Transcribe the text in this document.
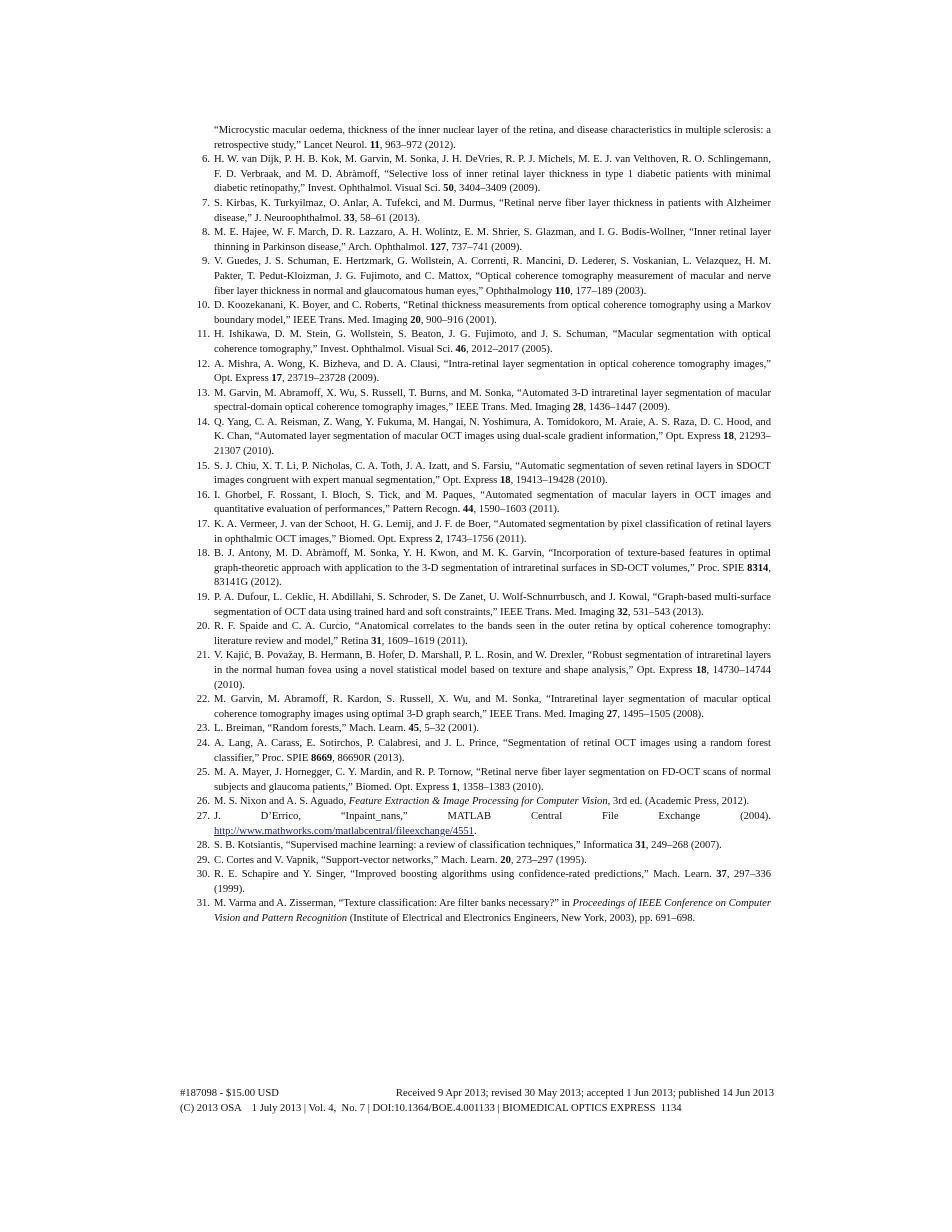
“Microcystic macular oedema, thickness of the inner nuclear layer of the retina, and disease characteristics in multiple sclerosis: a retrospective study,” Lancet Neurol. 11, 963–972 (2012).
6. H. W. van Dijk, P. H. B. Kok, M. Garvin, M. Sonka, J. H. DeVries, R. P. J. Michels, M. E. J. van Velthoven, R. O. Schlingemann, F. D. Verbraak, and M. D. Abràmoff, “Selective loss of inner retinal layer thickness in type 1 diabetic patients with minimal diabetic retinopathy,” Invest. Ophthalmol. Visual Sci. 50, 3404–3409 (2009).
7. S. Kirbas, K. Turkyilmaz, O. Anlar, A. Tufekci, and M. Durmus, “Retinal nerve fiber layer thickness in patients with Alzheimer disease,” J. Neuroophthalmol. 33, 58–61 (2013).
8. M. E. Hajee, W. F. March, D. R. Lazzaro, A. H. Wolintz, E. M. Shrier, S. Glazman, and I. G. Bodis-Wollner, “Inner retinal layer thinning in Parkinson disease,” Arch. Ophthalmol. 127, 737–741 (2009).
9. V. Guedes, J. S. Schuman, E. Hertzmark, G. Wollstein, A. Correnti, R. Mancini, D. Lederer, S. Voskanian, L. Velazquez, H. M. Pakter, T. Pedut-Kloizman, J. G. Fujimoto, and C. Mattox, “Optical coherence tomography measurement of macular and nerve fiber layer thickness in normal and glaucomatous human eyes,” Ophthalmology 110, 177–189 (2003).
10. D. Koozekanani, K. Boyer, and C. Roberts, “Retinal thickness measurements from optical coherence tomography using a Markov boundary model,” IEEE Trans. Med. Imaging 20, 900–916 (2001).
11. H. Ishikawa, D. M. Stein, G. Wollstein, S. Beaton, J. G. Fujimoto, and J. S. Schuman, “Macular segmentation with optical coherence tomography,” Invest. Ophthalmol. Visual Sci. 46, 2012–2017 (2005).
12. A. Mishra, A. Wong, K. Bizheva, and D. A. Clausi, “Intra-retinal layer segmentation in optical coherence tomography images,” Opt. Express 17, 23719–23728 (2009).
13. M. Garvin, M. Abramoff, X. Wu, S. Russell, T. Burns, and M. Sonka, “Automated 3-D intraretinal layer segmentation of macular spectral-domain optical coherence tomography images,” IEEE Trans. Med. Imaging 28, 1436–1447 (2009).
14. Q. Yang, C. A. Reisman, Z. Wang, Y. Fukuma, M. Hangai, N. Yoshimura, A. Tomidokoro, M. Araie, A. S. Raza, D. C. Hood, and K. Chan, “Automated layer segmentation of macular OCT images using dual-scale gradient information,” Opt. Express 18, 21293–21307 (2010).
15. S. J. Chiu, X. T. Li, P. Nicholas, C. A. Toth, J. A. Izatt, and S. Farsiu, “Automatic segmentation of seven retinal layers in SDOCT images congruent with expert manual segmentation,” Opt. Express 18, 19413–19428 (2010).
16. I. Ghorbel, F. Rossant, I. Bloch, S. Tick, and M. Paques, “Automated segmentation of macular layers in OCT images and quantitative evaluation of performances,” Pattern Recogn. 44, 1590–1603 (2011).
17. K. A. Vermeer, J. van der Schoot, H. G. Lemij, and J. F. de Boer, “Automated segmentation by pixel classification of retinal layers in ophthalmic OCT images,” Biomed. Opt. Express 2, 1743–1756 (2011).
18. B. J. Antony, M. D. Abràmoff, M. Sonka, Y. H. Kwon, and M. K. Garvin, “Incorporation of texture-based features in optimal graph-theoretic approach with application to the 3-D segmentation of intraretinal surfaces in SD-OCT volumes,” Proc. SPIE 8314, 83141G (2012).
19. P. A. Dufour, L. Ceklic, H. Abdillahi, S. Schroder, S. De Zanet, U. Wolf-Schnurrbusch, and J. Kowal, “Graph-based multi-surface segmentation of OCT data using trained hard and soft constraints,” IEEE Trans. Med. Imaging 32, 531–543 (2013).
20. R. F. Spaide and C. A. Curcio, “Anatomical correlates to the bands seen in the outer retina by optical coherence tomography: literature review and model,” Retina 31, 1609–1619 (2011).
21. V. Kajić, B. Považay, B. Hermann, B. Hofer, D. Marshall, P. L. Rosin, and W. Drexler, “Robust segmentation of intraretinal layers in the normal human fovea using a novel statistical model based on texture and shape analysis,” Opt. Express 18, 14730–14744 (2010).
22. M. Garvin, M. Abramoff, R. Kardon, S. Russell, X. Wu, and M. Sonka, “Intraretinal layer segmentation of macular optical coherence tomography images using optimal 3-D graph search,” IEEE Trans. Med. Imaging 27, 1495–1505 (2008).
23. L. Breiman, “Random forests,” Mach. Learn. 45, 5–32 (2001).
24. A. Lang, A. Carass, E. Sotirchos, P. Calabresi, and J. L. Prince, “Segmentation of retinal OCT images using a random forest classifier,” Proc. SPIE 8669, 86690R (2013).
25. M. A. Mayer, J. Hornegger, C. Y. Mardin, and R. P. Tornow, “Retinal nerve fiber layer segmentation on FD-OCT scans of normal subjects and glaucoma patients,” Biomed. Opt. Express 1, 1358–1383 (2010).
26. M. S. Nixon and A. S. Aguado, Feature Extraction & Image Processing for Computer Vision, 3rd ed. (Academic Press, 2012).
27. J. D’Errico, “Inpaint_nans,” MATLAB Central File Exchange (2004). http://www.mathworks.com/matlabcentral/fileexchange/4551.
28. S. B. Kotsiantis, “Supervised machine learning: a review of classification techniques,” Informatica 31, 249–268 (2007).
29. C. Cortes and V. Vapnik, “Support-vector networks,” Mach. Learn. 20, 273–297 (1995).
30. R. E. Schapire and Y. Singer, “Improved boosting algorithms using confidence-rated predictions,” Mach. Learn. 37, 297–336 (1999).
31. M. Varma and A. Zisserman, “Texture classification: Are filter banks necessary?” in Proceedings of IEEE Conference on Computer Vision and Pattern Recognition (Institute of Electrical and Electronics Engineers, New York, 2003), pp. 691–698.
#187098 - $15.00 USD	Received 9 Apr 2013; revised 30 May 2013; accepted 1 Jun 2013; published 14 Jun 2013
(C) 2013 OSA    1 July 2013 | Vol. 4,  No. 7 | DOI:10.1364/BOE.4.001133 | BIOMEDICAL OPTICS EXPRESS  1134
